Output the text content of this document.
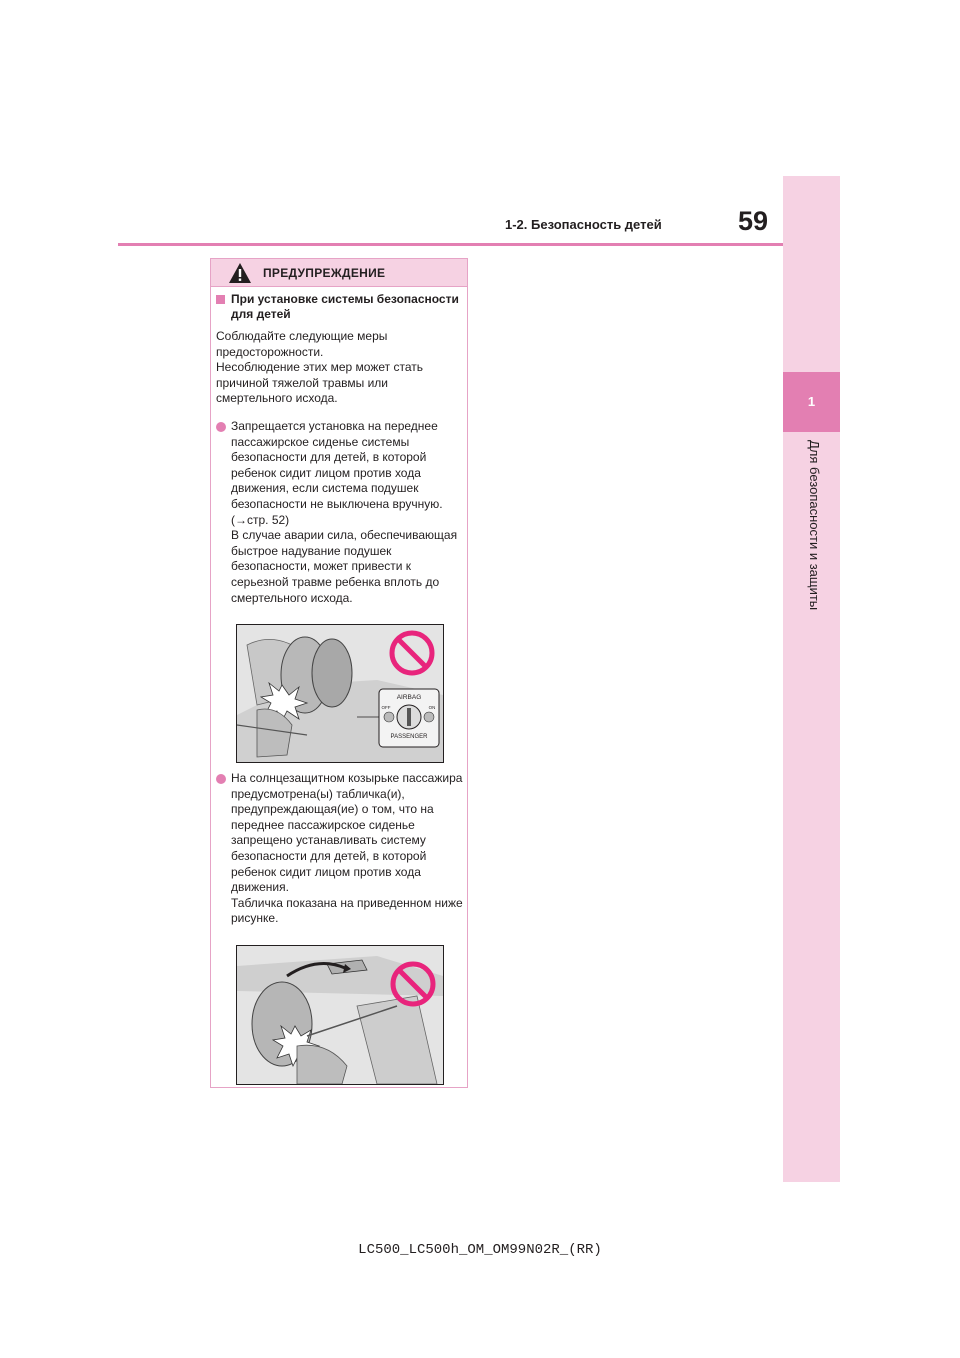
1
Для безопасности и защиты
1-2. Безопасность детей	59
ПРЕДУПРЕЖДЕНИЕ
При установке системы безопасности для детей
Соблюдайте следующие меры предосторожности.
Несоблюдение этих мер может стать причиной тяжелой травмы или смертельного исхода.
Запрещается установка на переднее пассажирское сиденье системы безопасности для детей, в которой ребенок сидит лицом против хода движения, если система подушек безопасности не выключена вручную. (→стр. 52)
В случае аварии сила, обеспечивающая быстрое надувание подушек безопасности, может привести к серьезной травме ребенка вплоть до смертельного исхода.
AIRBAG
OFF	ON
PASSENGER
На солнцезащитном козырьке пассажира предусмотрена(ы) табличка(и), предупреждающая(ие) о том, что на переднее пассажирское сиденье запрещено устанавливать систему безопасности для детей, в которой ребенок сидит лицом против хода движения.
Табличка показана на приведенном ниже рисунке.
LC500_LC500h_OM_OM99N02R_(RR)
